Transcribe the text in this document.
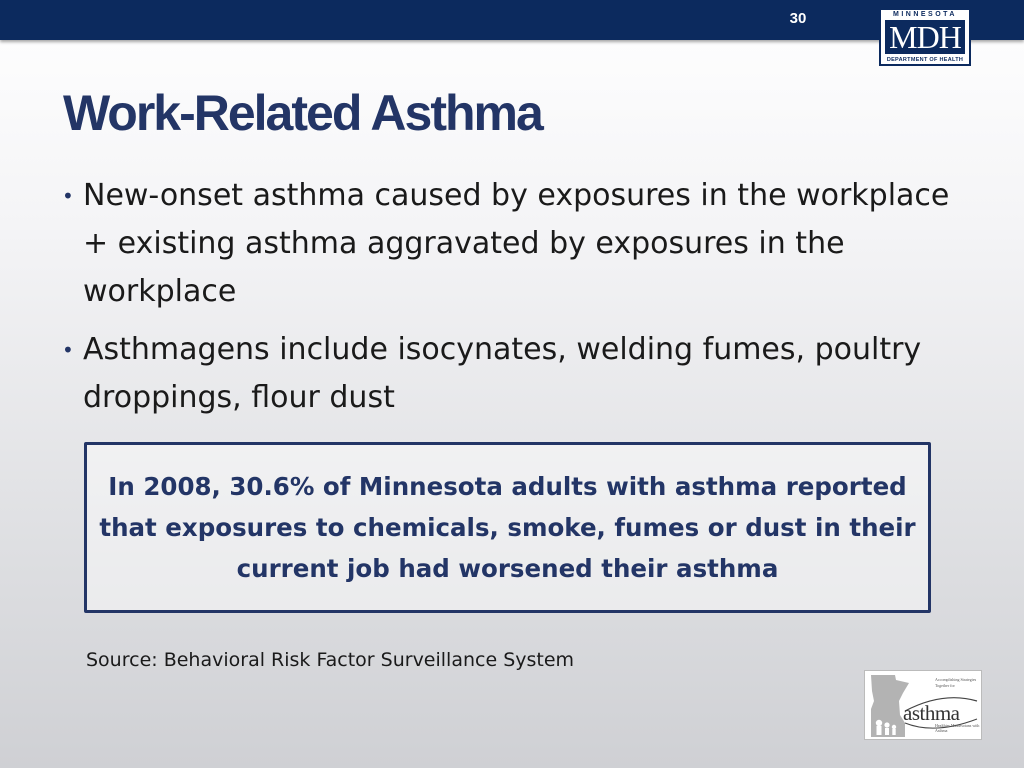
30	MINNESOTA
MDH
DEPARTMENT OF HEALTH
Work-Related Asthma
• New-onset asthma caused by exposures in the workplace + existing asthma aggravated by exposures in the workplace
• Asthmagens include isocynates, welding fumes, poultry droppings, flour dust

In 2008, 30.6% of Minnesota adults with asthma reported that exposures to chemicals, smoke, fumes or dust in their current job had worsened their asthma

Source: Behavioral Risk Factor Surveillance System
Accomplishing Strategies Together for
asthma
Healthier Minnesotans with Asthma
